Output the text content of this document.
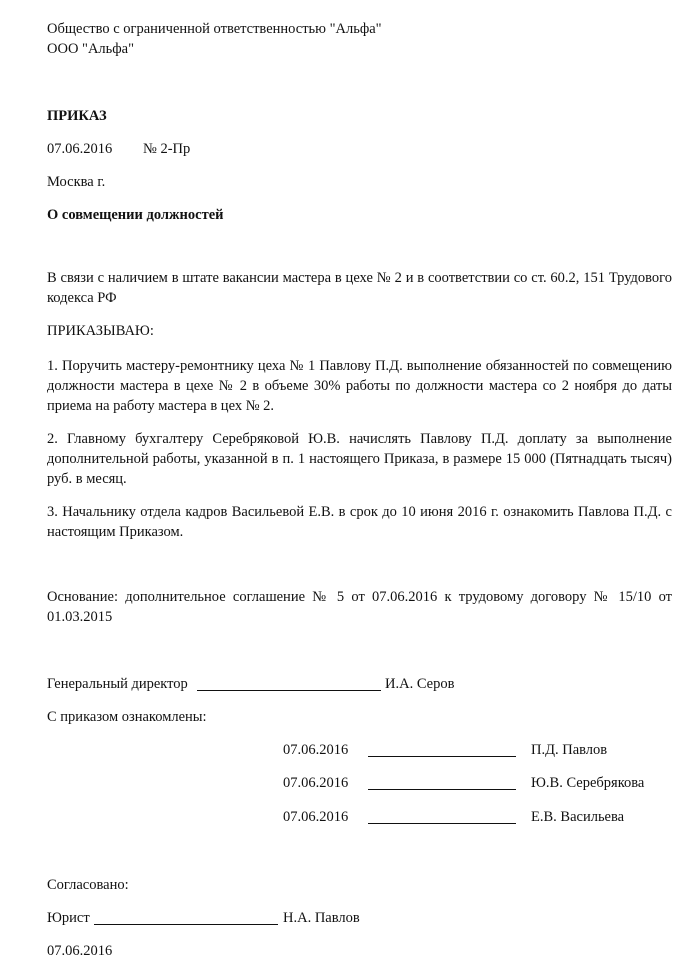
Общество с ограниченной ответственностью "Альфа"
ООО "Альфа"
ПРИКАЗ
07.06.2016 № 2-Пр
Москва г.
О совмещении должностей
В связи с наличием в штате вакансии мастера в цехе № 2 и в соответствии со ст. 60.2, 151 Трудового кодекса РФ
ПРИКАЗЫВАЮ:
1. Поручить мастеру-ремонтнику цеха № 1 Павлову П.Д. выполнение обязанностей по совмещению должности мастера в цехе № 2 в объеме 30% работы по должности мастера со 2 ноября до даты приема на работу мастера в цех № 2.
2. Главному бухгалтеру Серебряковой Ю.В. начислять Павлову П.Д. доплату за выполнение дополнительной работы, указанной в п. 1 настоящего Приказа, в размере 15 000 (Пятнадцать тысяч) руб. в месяц.
3. Начальнику отдела кадров Васильевой Е.В. в срок до 10 июня 2016 г. ознакомить Павлова П.Д. с настоящим Приказом.
Основание: дополнительное соглашение № 5 от 07.06.2016 к трудовому договору № 15/10 от 01.03.2015
Генеральный директор	И.А. Серов
С приказом ознакомлены:
07.06.2016	П.Д. Павлов
07.06.2016	Ю.В. Серебрякова
07.06.2016	Е.В. Васильева
Согласовано:
Юрист	Н.А. Павлов
07.06.2016
